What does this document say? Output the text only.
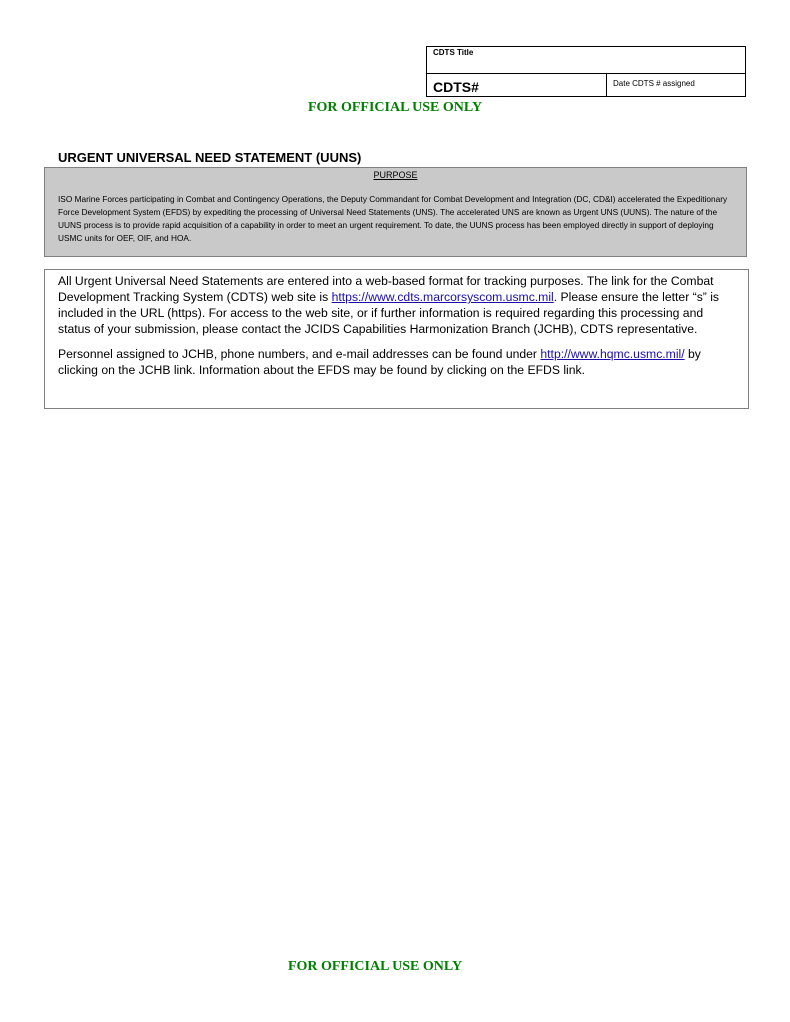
CDTS Title
CDTS#	Date CDTS # assigned
FOR OFFICIAL USE ONLY
URGENT UNIVERSAL NEED STATEMENT (UUNS)
PURPOSE
ISO Marine Forces participating in Combat and Contingency Operations, the Deputy Commandant for Combat Development and Integration (DC, CD&I) accelerated the Expeditionary Force Development System (EFDS) by expediting the processing of Universal Need Statements (UNS). The accelerated UNS are known as Urgent UNS (UUNS). The nature of the UUNS process is to provide rapid acquisition of a capability in order to meet an urgent requirement. To date, the UUNS process has been employed directly in support of deploying USMC units for OEF, OIF, and HOA.

All Urgent Universal Need Statements are entered into a web-based format for tracking purposes. The link for the Combat Development Tracking System (CDTS) web site is https://www.cdts.marcorsyscom.usmc.mil. Please ensure the letter “s” is included in the URL (https). For access to the web site, or if further information is required regarding this processing and status of your submission, please contact the JCIDS Capabilities Harmonization Branch (JCHB), CDTS representative.

Personnel assigned to JCHB, phone numbers, and e-mail addresses can be found under http://www.hqmc.usmc.mil/ by clicking on the JCHB link. Information about the EFDS may be found by clicking on the EFDS link.

FOR OFFICIAL USE ONLY
